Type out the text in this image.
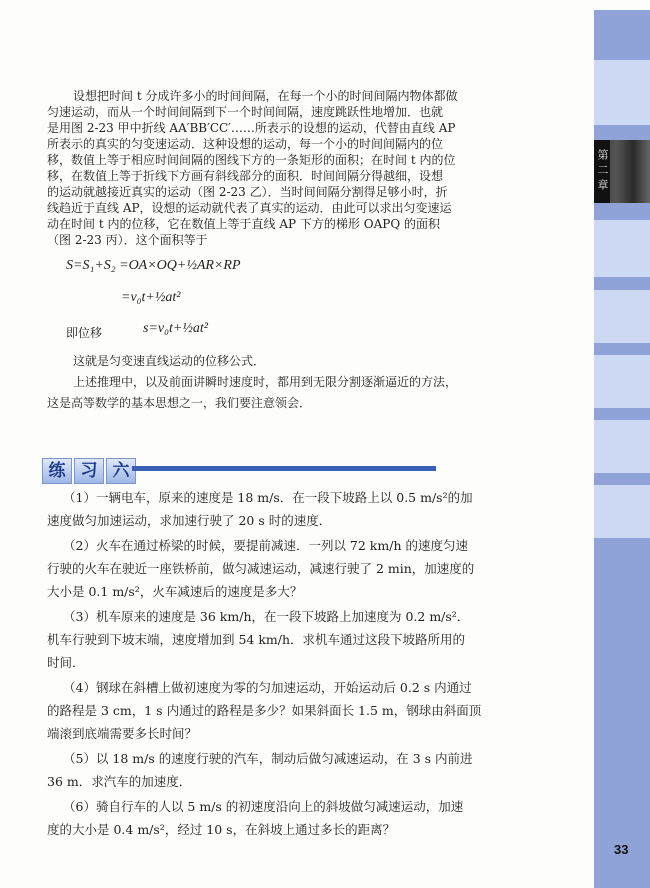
设想把时间 t 分成许多小的时间间隔，在每一个小的时间间隔内物体都做
匀速运动，而从一个时间间隔到下一个时间间隔，速度跳跃性地增加．也就
是用图 2-23 甲中折线 AA′BB′CC′……所表示的设想的运动，代替由直线 AP
所表示的真实的匀变速运动．这种设想的运动，每一个小的时间间隔内的位
移，数值上等于相应时间间隔的图线下方的一条矩形的面积；在时间 t 内的位
移，在数值上等于折线下方画有斜线部分的面积．时间间隔分得越细，设想
的运动就越接近真实的运动（图 2-23 乙）．当时间间隔分割得足够小时，折
线趋近于直线 AP，设想的运动就代表了真实的运动．由此可以求出匀变速运
动在时间 t 内的位移，它在数值上等于直线 AP 下方的梯形 OAPQ 的面积
（图 2-23 丙）．这个面积等于
S=S₁+S₂ =OA×OQ+½AR×RP
=v₀t+½at²
即位移	s=v₀t+½at²
这就是匀变速直线运动的位移公式．
上述推理中，以及前面讲瞬时速度时，都用到无限分割逐渐逼近的方法，
这是高等数学的基本思想之一，我们要注意领会．
练 习 六
（1）一辆电车，原来的速度是 18 m/s．在一段下坡路上以 0.5 m/s²的加
速度做匀加速运动，求加速行驶了 20 s 时的速度．
（2）火车在通过桥梁的时候，要提前减速．一列以 72 km/h 的速度匀速
行驶的火车在驶近一座铁桥前，做匀减速运动，减速行驶了 2 min，加速度的
大小是 0.1 m/s²，火车减速后的速度是多大？
（3）机车原来的速度是 36 km/h，在一段下坡路上加速度为 0.2 m/s²．
机车行驶到下坡末端，速度增加到 54 km/h．求机车通过这段下坡路所用的
时间．
（4）钢球在斜槽上做初速度为零的匀加速运动，开始运动后 0.2 s 内通过
的路程是 3 cm，1 s 内通过的路程是多少？如果斜面长 1.5 m，钢球由斜面顶
端滚到底端需要多长时间？
（5）以 18 m/s 的速度行驶的汽车，制动后做匀减速运动，在 3 s 内前进
36 m．求汽车的加速度．
（6）骑自行车的人以 5 m/s 的初速度沿向上的斜坡做匀减速运动，加速
度的大小是 0.4 m/s²，经过 10 s，在斜坡上通过多长的距离？
第二章
33
